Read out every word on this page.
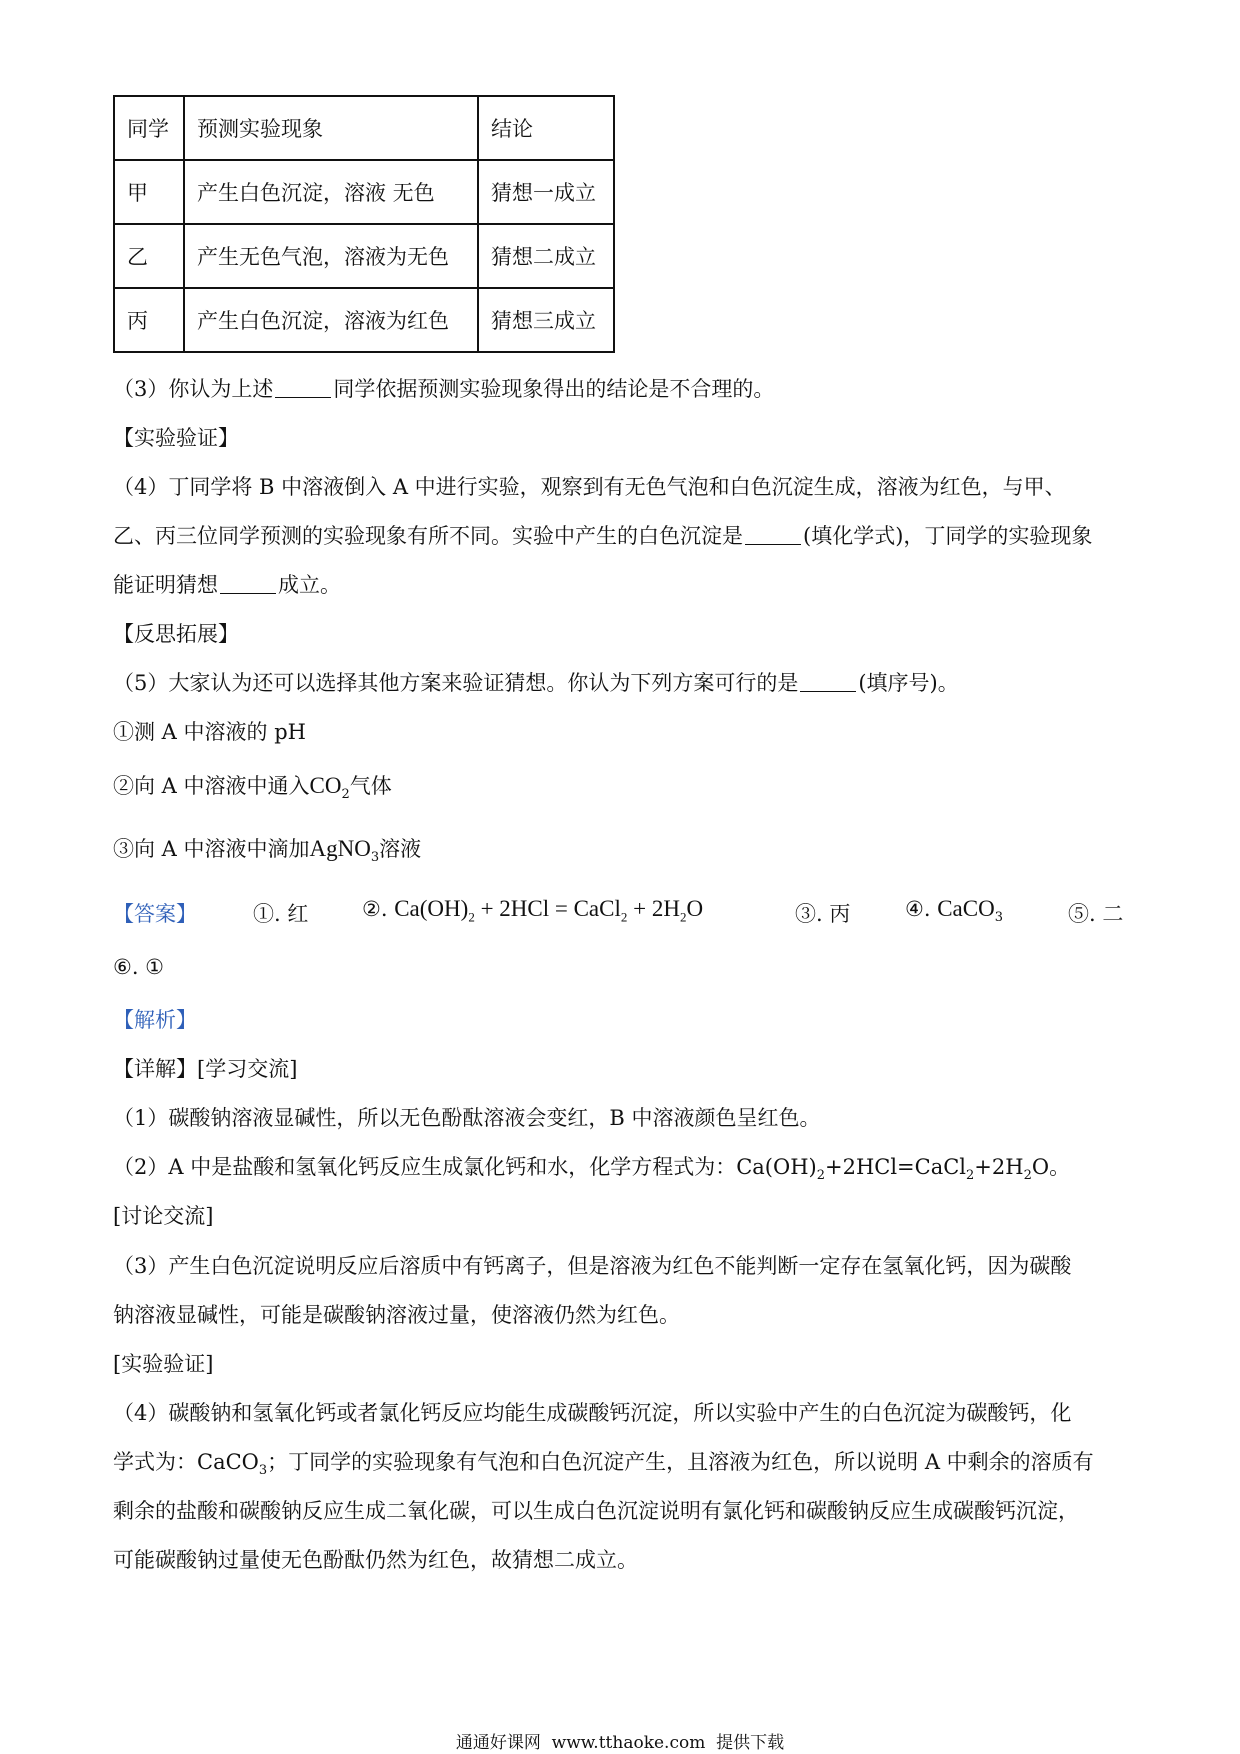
同学	预测实验现象	结论
甲	产生白色沉淀，溶液 无色	猜想一成立
乙	产生无色气泡，溶液为无色	猜想二成立
丙	产生白色沉淀，溶液为红色	猜想三成立
（3）你认为上述	同学依据预测实验现象得出的结论是不合理的。
【实验验证】
（4）丁同学将 B 中溶液倒入 A 中进行实验，观察到有无色气泡和白色沉淀生成，溶液为红色，与甲、
乙、丙三位同学预测的实验现象有所不同。实验中产生的白色沉淀是	(填化学式)，丁同学的实验现象
能证明猜想	成立。
【反思拓展】
（5）大家认为还可以选择其他方案来验证猜想。你认为下列方案可行的是	(填序号)。
①测 A 中溶液的 pH
②向 A 中溶液中通入$CO_2$气体
③向 A 中溶液中滴加AgNO$_3$溶液
【答案】	①. 红	②. $Ca(OH)_2 + 2HCl$ = CaCl$_2$ + $2H_2O$	③. 丙	④. CaCO$_3$	⑤. 二
⑥. ①
【解析】
【详解】[学习交流]
（1）碳酸钠溶液显碱性，所以无色酚酞溶液会变红，B 中溶液颜色呈红色。
（2）A 中是盐酸和氢氧化钙反应生成氯化钙和水，化学方程式为：$Ca(OH)_2+2HCl=CaCl_2+2H_2O$。
[讨论交流]
（3）产生白色沉淀说明反应后溶质中有钙离子，但是溶液为红色不能判断一定存在氢氧化钙，因为碳酸
钠溶液显碱性，可能是碳酸钠溶液过量，使溶液仍然为红色。
[实验验证]
（4）碳酸钠和氢氧化钙或者氯化钙反应均能生成碳酸钙沉淀，所以实验中产生的白色沉淀为碳酸钙，化
学式为：CaCO$_3$；丁同学的实验现象有气泡和白色沉淀产生，且溶液为红色，所以说明 A 中剩余的溶质有
剩余的盐酸和碳酸钠反应生成二氧化碳，可以生成白色沉淀说明有氯化钙和碳酸钠反应生成碳酸钙沉淀，
可能碳酸钠过量使无色酚酞仍然为红色，故猜想二成立。
通通好课网  www.tthaoke.com  提供下载
